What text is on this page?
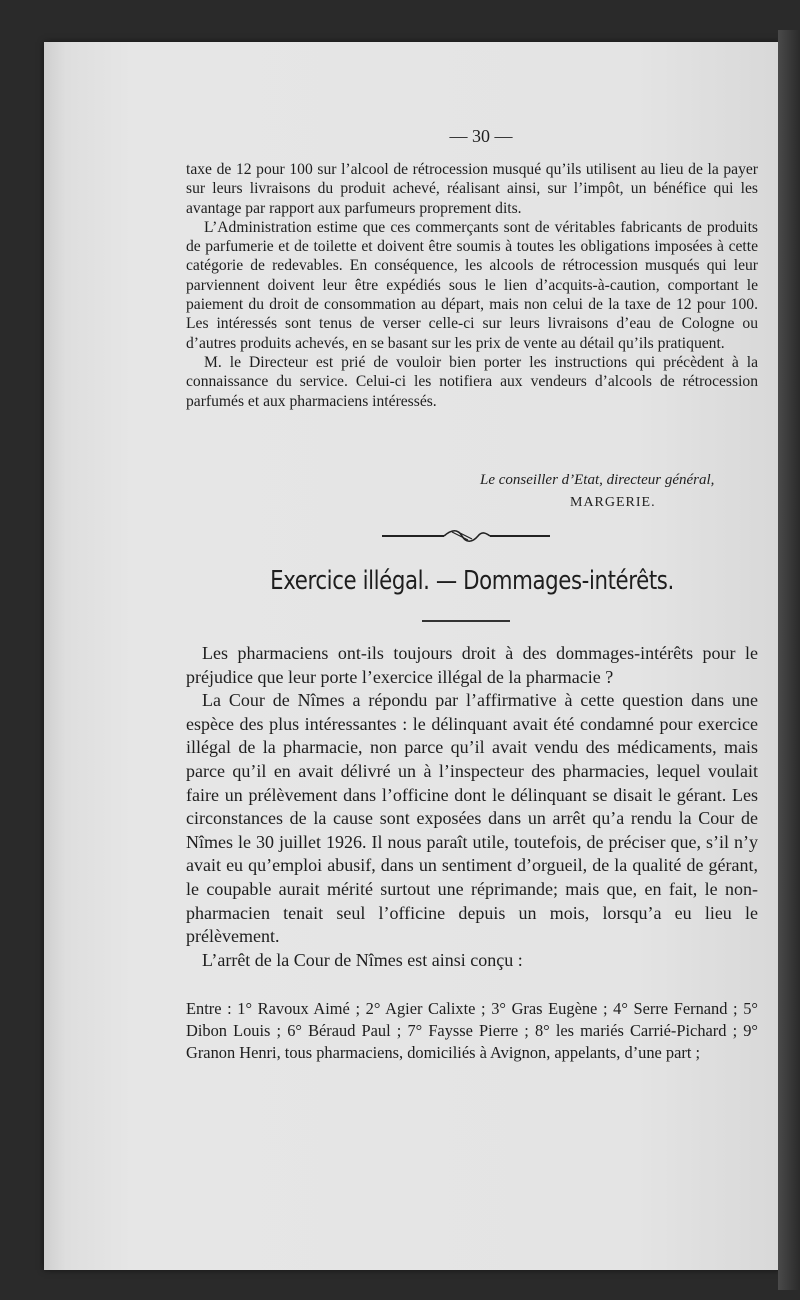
— 30 —

taxe de 12 pour 100 sur l’alcool de rétrocession musqué qu’ils utilisent au lieu de la payer sur leurs livraisons du produit achevé, réalisant ainsi, sur l’impôt, un bénéfice qui les avantage par rapport aux parfumeurs proprement dits.

L’Administration estime que ces commerçants sont de véritables fabricants de produits de parfumerie et de toilette et doivent être soumis à toutes les obligations imposées à cette catégorie de redevables. En conséquence, les alcools de rétrocession musqués qui leur parviennent doivent leur être expédiés sous le lien d’acquits-à-caution, comportant le paiement du droit de consommation au départ, mais non celui de la taxe de 12 pour 100. Les intéressés sont tenus de verser celle-ci sur leurs livraisons d’eau de Cologne ou d’autres produits achevés, en se basant sur les prix de vente au détail qu’ils pratiquent.

M. le Directeur est prié de vouloir bien porter les instructions qui précèdent à la connaissance du service. Celui-ci les notifiera aux vendeurs d’alcools de rétrocession parfumés et aux pharmaciens intéressés.

Le conseiller d’Etat, directeur général,
MARGERIE.
Exercice illégal. — Dommages-intérêts.

Les pharmaciens ont-ils toujours droit à des dommages-intérêts pour le préjudice que leur porte l’exercice illégal de la pharmacie ?

La Cour de Nîmes a répondu par l’affirmative à cette question dans une espèce des plus intéressantes : le délinquant avait été condamné pour exercice illégal de la pharmacie, non parce qu’il avait vendu des médicaments, mais parce qu’il en avait délivré un à l’inspecteur des pharmacies, lequel voulait faire un prélèvement dans l’officine dont le délinquant se disait le gérant. Les circonstances de la cause sont exposées dans un arrêt qu’a rendu la Cour de Nîmes le 30 juillet 1926. Il nous paraît utile, toutefois, de préciser que, s’il n’y avait eu qu’emploi abusif, dans un sentiment d’orgueil, de la qualité de gérant, le coupable aurait mérité surtout une réprimande; mais que, en fait, le non-pharmacien tenait seul l’officine depuis un mois, lorsqu’a eu lieu le prélèvement.

L’arrêt de la Cour de Nîmes est ainsi conçu :

Entre : 1° Ravoux Aimé ; 2° Agier Calixte ; 3° Gras Eugène ; 4° Serre Fernand ; 5° Dibon Louis ; 6° Béraud Paul ; 7° Faysse Pierre ; 8° les mariés Carrié-Pichard ; 9° Granon Henri, tous pharmaciens, domiciliés à Avignon, appelants, d’une part ;
